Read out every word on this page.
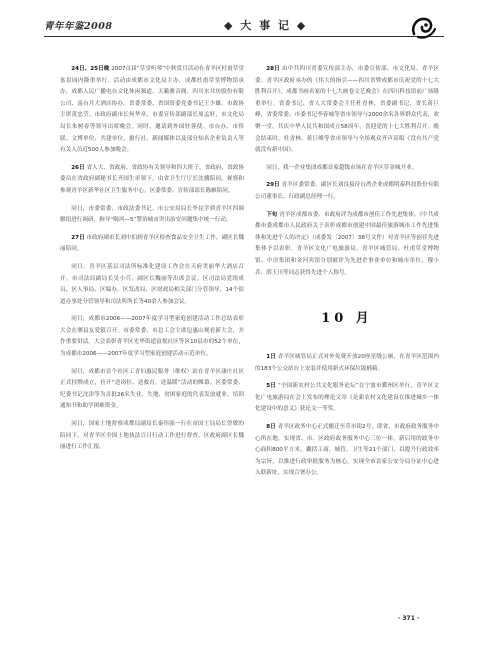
青年年鉴2008	◆ 大 事 记 ◆

24日、25日晚 2007首届“草堂听琴”中秋赏月活动在青羊区杜甫草堂盆景园内隆重举行。活动由成都市文化局主办，成都杜甫草堂博物馆承办，成都人民广播电台文化休闲频道、天籁雅音阁、四川水井坊股份有限公司、南台月大酒店协办。省委常委、省国资委党委书记王少雄、市政协主席黄忠莹、市政府副市长何华章，市委宣传部副部长周孟轩，市文化局局长朱树春等领导出席晚会。同时，邀请到外国驻蓉使、市台办、市侨联、文博单位、共建单位、旅行社、新闻媒体以及部分知名企业负责人等有关人员近500人参加晚会。

26日 省人大、省政府、省政协有关领导和四大班子、省政府、省政协委员在省政府副秘书长齐国生率领下，由省卫生厅厅长沈骥陪同，视察和参观青羊区新华社区卫生服务中心。区委常委、宣传部部长陈雁陪同。

同日，市委常委、市政法委书记、市公安局局长李昆学到青羊区四调解组进行调研，指导“喝风—5”警治城市突出治安问题集中统一行动。

27日 市政府副市长刘中伯到青羊区检查食品安全卫生工作，副区长魏丽陪同。

同日，青羊区基层司法所标准化建设工作会在天府美丽华大酒店召开。市司法局副局长吴小兵，副区长魏丽等出席会议。区司法局党组成员、区人事局、区编办、区发改局、区财政局相关部门分管领导，14个街道办事处分管领导和司法所所长等40余人参加会议。

同日，成都市2006——2007年度学习型家庭创建活动工作总结表彰大会在郫县友爱镇召开。市委常委、市总工会主席包惠山观看新大会，并作重要讲话。大会表彰青羊区光华街道富悦社区等区10县市的52个单位，为成都市2006——2007年度学习型家庭创建活动示范单位。

同日，成都市首个社区工青妇惠民服务（维权）站在青羊区康庄社区正式挂牌成立，拉开“送岗位、送救育，送温暖”活动的帷幕。区委常委、纪委书记沈津等为首批26名失业、失地、贫困家庭的代表发放就业、培训通知书和助学困难资金。

同日，国家土地督察成都局副局长秦伟强一行在市国土局局长曾敏的陪同下，对青羊区全国土地执法百日行动工作进行督查，区政府副区长魏丽进行工作汇报。

28日 由中共四川省委宣传部主办，市委宣传部、市文化局、青羊区委、青羊区政府承办的《伟大的指引——四川省暨成都市庆祝党的十七大胜利召开》，成都书画名家的十七大画卷文艺晚会》在四川科技馆前广场隆重举行。省委书记、省人大常委会主任杜青林，省委副书记、省长蒋巨峰，省委常委、市委书记李春城等省市领导与2000余名各界群众代表，欢聚一堂，共庆中华人民共和国成立58周年，喜迎党的十七大胜利召开。晚会结束时，杜青林、蒋巨峰等省市领导与全场观众齐声高唱《没有共产党就没有新中国》。

同日，我一企业集团成都首家超级市场在青羊区草金城开业。

29日 青羊区委常委、副区长刘良接待台湾企业成都明泰科技股份有限公司董事长、行政副总经理一行。

下旬 青羊区成都市委、市政府评为成都市创佳工作先进集体。《中共成都市委成都市人民政府关于表彰成都市创建中国最佳旅游城市工作先进集体和先进个人的决定》（成委发〔2007〕38号文件）对青羊区等创佳先进集体予以表彰。青羊区文化广电旅游局、青羊区城管局、杜甫草堂博物馆、中房集团和金河宾馆分别被评为先进企事业单位和城市单位，穆小乔、薛玉川等同志获得先进个人称号。

10 月

1日 青羊区城管局正式对外免费开放20座星级公厕，在青羊区范围内的183个公交站台上安装并使用新式环保垃圾桶箱。

5日 “全国新农村公共文化服务论坛”在宁波市鄞州区举行，青羊区文化广电旅游局在会上发布的理论文章《论新农村文化建设在推进城乡一体化建设中的意义》获论文一等奖。

8日 青羊区政务中心正式搬迁至草市街2号，即省、市政府政务服务中心所在地。实现省、市、区政府政务服务中心三位一体。新启用的政务中心面积800平方米，囊括工商、城管、卫生等21个部门，以提升行政效率为宗旨，以推进行政审批服务为核心，实现全市首家公安分局分证中心进入联新址，实现合署办公。

· 371 ·
